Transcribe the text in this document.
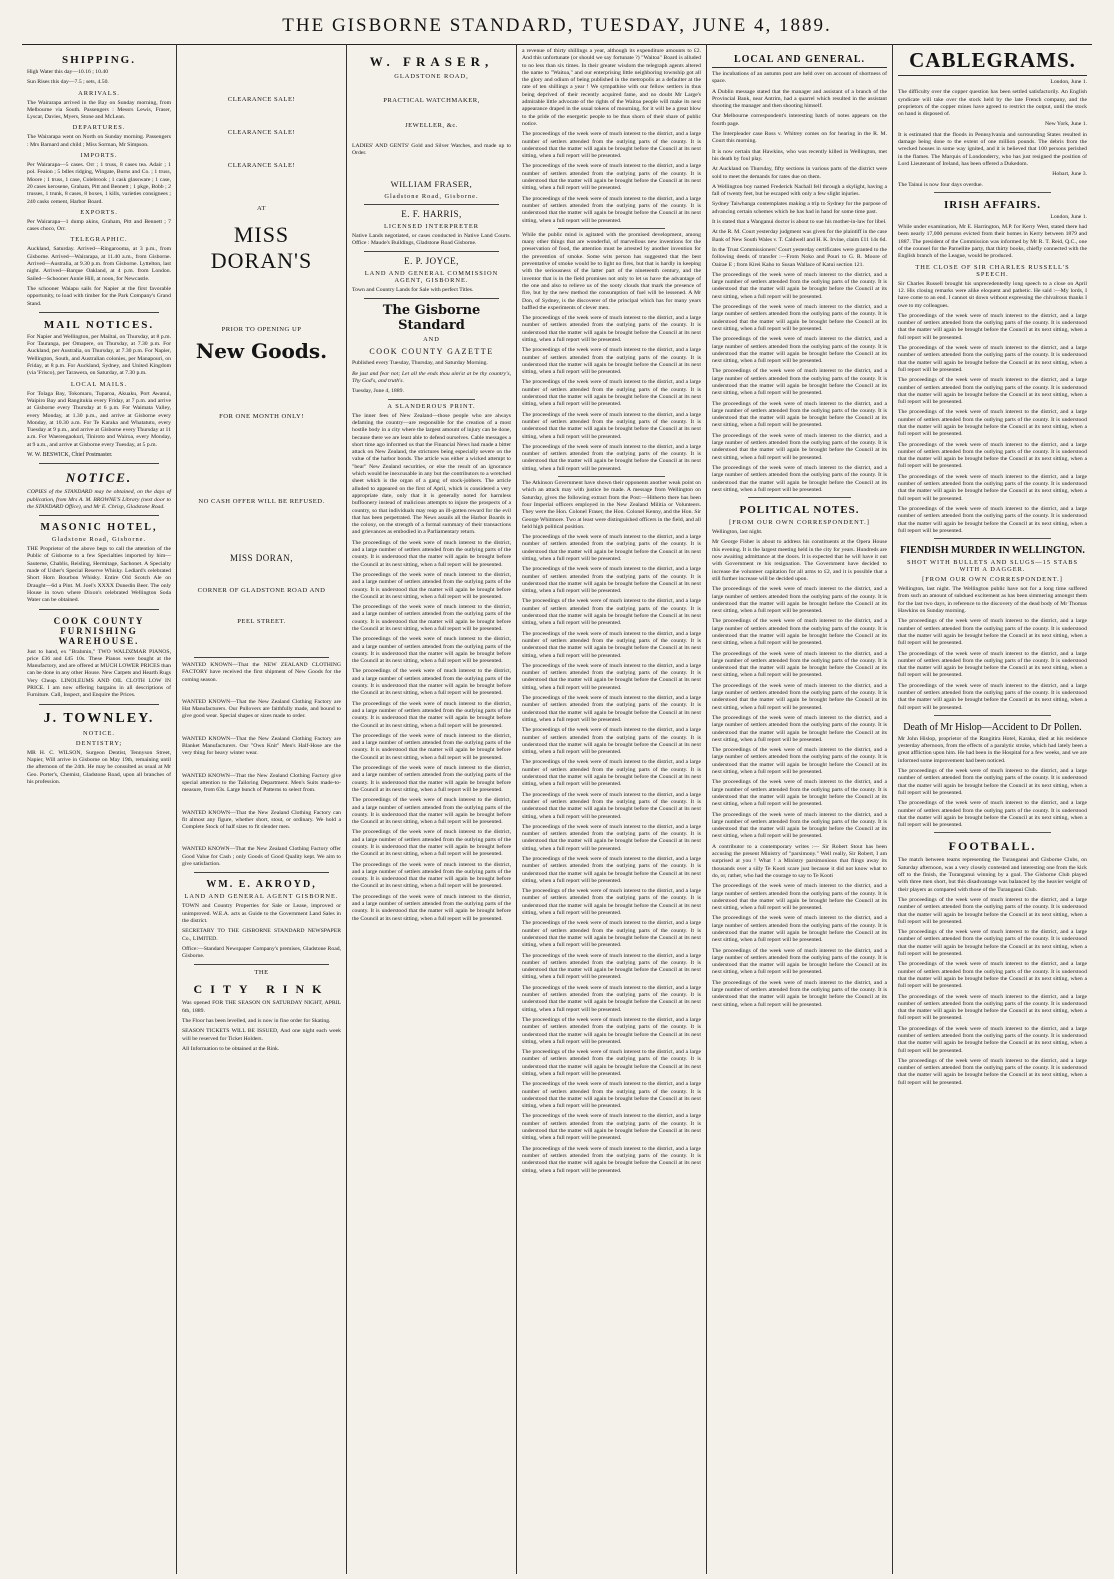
THE GISBORNE STANDARD, TUESDAY, JUNE 4, 1889.
SHIPPING.

High Water this day—10.16 ; 10.40

Sun Rises this day—7.5 ; sets, 4.50.

ARRIVALS.

The Wairarapa arrived in the Bay on Sunday morning, from Melbourne via South. Passengers : Messrs Lewis, Fraser, Lyscar, Davies, Myers, Stone and McLean.

DEPARTURES.

The Wairarapa went on North on Sunday morning. Passengers : Mrs Barnard and child ; Miss Sorman, Mr Simpson.

IMPORTS.

Per Wairarapa—5 cases. Orr ; 1 truss, 8 cases tea. Adair ; 1 pol. Feaion ; 5 bdles ridging, Wingate, Burns and Co. ; 1 truss, Moore ; 1 truss, 1 case, Colebrook ; 1 cask glassware ; 1 case, 20 cases kerosene, Graham, Pitt and Bennett ; 1 pkge, Bobb ; 2 trusses, 1 trunk, 8 cases, 8 boxes, 1 kills, varieties consignees ; 240 casks cement, Harbor Board.

EXPORTS.

Per Wairarapa—1 dump akins, Graham, Pitt and Bennett ; 7 cases choco, Orr.

TELEGRAPHIC.

Auckland, Saturday. Arrived—Ringarooma, at 3 p.m., from Gisborne. Arrived—Wairarapa, at 11.40 a.m., from Gisborne. Arrived—Australia, at 9.30 p.m. from Gisborne. Lyttelton, last night. Arrived—Barque Oakland, at 4 p.m. from London. Sailed—Schooner Annie Hill, at noon, for Newcastle.

The schooner Waiapu sails for Napier at the first favorable opportunity, to load with timber for the Park Company's Grand Stand.

MAIL NOTICES.

For Napier and Wellington, per Mailtai, on Thursday, at 8 p.m. For Tauranga, per Omapere, on Thursday, at 7.30 p.m. For Auckland, per Australia, on Thursday, at 7.30 p.m. For Napier, Wellington, South, and Australian colonies, per Manapouri, on Friday, at 8 p.m. For Auckland, Sydney, and United Kingdom (via 'Frisco), per Tarawera, on Saturday, at 7.30 p.m.

LOCAL MAILS.

For Tolaga Bay, Tokomaru, Tuparoa, Akuaku, Port Awanui, Waipiro Bay and Rangitukia every Friday, at 7 p.m. and arrive at Gisborne every Thursday at 6 p.m. For Waimata Valley, every Monday, at 1.30 p.m., and arrive at Gisborne every Monday, at 10.30 a.m. For Te Karaka and Whatatutu, every Tuesday at 9 p.m., and arrive at Gisborne every Thursday at 11 a.m. For Waerengaokuri, Tiniroto and Wairoa, every Monday, at 9 a.m., and arrive at Gisborne every Tuesday, at 5 p.m.

W. W. BESWICK, Chief Postmaster.

NOTICE.

COPIES of the STANDARD may be obtained, on the days of publication, from Mrs A. M. BROWNE'S Library (next door to the STANDARD Office), and Mr E. Chrisp, Gladstone Road.

MASONIC HOTEL,
Gladstone Road, Gisborne.

THE Proprietor of the above begs to call the attention of the Public of Gisborne to a few Specialties imported by him— Sauterne, Chablis, Reisling, Hermitage, Sachonet. A Specialty made of Usher's Special Reserve Whisky. Lediard's celebrated Short Horn Bourbon Whisky. Entire Old Scotch Ale on Draught—6d a Pint. M. Joel's XXXX Dunedin Beer. The only House in town where Dixon's celebrated Wellington Soda Water can be obtained.

COOK COUNTY FURNISHING WAREHOUSE.

Just to hand, ex "Brahmin," TWO WALDZMAR PIANOS, price £36 and £45 10s. These Pianos were bought at the Manufactory, and are offered at MUCH LOWER PRICES than can be done in any other House. New Carpets and Hearth Rugs Very Cheap. LINOLEUMS AND OIL CLOTH LOW IN PRICE. I am now offering bargains in all descriptions of Furniture. Call, Inspect, and Enquire the Prices.

J. TOWNLEY.
NOTICE.
DENTISTRY;

MR H. C. WILSON, Surgeon Dentist, Tennyson Street, Napier, Will arrive in Gisborne on May 19th, remaining until the afternoon of the 24th. He may be consulted as usual at Mr Geo. Porter's, Chemist, Gladstone Road, upon all branches of his profession.

CLEARANCE SALE!
CLEARANCE SALE!
CLEARANCE SALE!
AT
MISS DORAN'S
PRIOR TO OPENING UP
New Goods.
FOR ONE MONTH ONLY!
NO CASH OFFER WILL BE REFUSED.
MISS DORAN,
CORNER OF GLADSTONE ROAD AND
PEEL STREET.

WANTED KNOWN—That the NEW ZEALAND CLOTHING FACTORY have received the first shipment of New Goods for the coming season.

WANTED KNOWN—That the New Zealand Clothing Factory are Hat Manufacturers. Our Pullovers are faithfully made, and bound to give good wear. Special shapes or sizes made to order.

WANTED KNOWN—That the New Zealand Clothing Factory are Blanket Manufacturers. Our "Own Knit" Men's Half-Hose are the very thing for heavy winter wear.

WANTED KNOWN—That the New Zealand Clothing Factory give special attention to the Tailoring Department. Men's Suits made-to-measure, from 63s. Large bunch of Patterns to select from.

WANTED KNOWN—That the New Zealand Clothing Factory can fit almost any figure, whether short, stout, or ordinary. We hold a Complete Stock of half sizes to fit slender men.

WANTED KNOWN—That the New Zealand Clothing Factory offer Good Value for Cash ; only Goods of Good Quality kept. We aim to give satisfaction.

WM. E. AKROYD,
LAND AND GENERAL AGENT GISBORNE.

TOWN and Country Properties for Sale or Lease, improved or unimproved. W.E.A. acts as Guide to the Government Land Sales in the district.

SECRETARY TO THE GISBORNE STANDARD NEWSPAPER Co., LIMITED.

Office:—Standard Newspaper Company's premises, Gladstone Road, Gisborne.

THE
CITY RINK

Was opened FOR THE SEASON ON SATURDAY NIGHT, APRIL 6th, 1889.

The Floor has been levelled, and is now in fine order for Skating.

SEASON TICKETS WILL BE ISSUED, And one night each week will be reserved for Ticket Holders.

All Information to be obtained at the Rink.

W. FRASER,
GLADSTONE ROAD,
PRACTICAL WATCHMAKER,
JEWELLER, &c.

LADIES' AND GENTS' Gold and Silver Watches, and made up to Order.

WILLIAM FRASER,
Gladstone Road, Gisborne.
E. F. HARRIS,
LICENSED INTERPRETER

Native Lands negotiated, or cases conducted in Native Land Courts. Office : Maude's Buildings, Gladstone Road Gisborne.

E. P. JOYCE,
LAND AND GENERAL COMMISSION AGENT, GISBORNE.

Town and Country Lands for Sale with perfect Titles.

The Gisborne Standard
AND
COOK COUNTY GAZETTE

Published every Tuesday, Thursday, and Saturday Morning.

Be just and fear not; Let all the ends thou aim'st at be thy country's, Thy God's, and truth's.

Tuesday, June 4, 1889.

A SLANDEROUS PRINT.

The inner fees of New Zealand—those people who are always defaming the country—are responsible for the creation of a most hostile body in a city where the largest amount of injury can be done, because there we are least able to defend ourselves. Cable messages a short time ago informed us that the Financial News had made a bitter attack on New Zealand, the strictures being especially severe on the value of the harbor bonds. The article was either a wicked attempt to "bear" New Zealand securities, or else the result of an ignorance which would be inexcusable in any but the contributors to a wretched sheet which is the organ of a gang of stock-jobbers. The article alluded to appeared on the first of April, which is considered a very appropriate date, only that it is generally noted for harmless buffoonery instead of malicious attempts to injure the prospects of a country, so that individuals may reap an ill-gotten reward for the evil that has been perpetrated. The News assails all the Harbor Boards in the colony, on the strength of a formal summary of their transactions and grievances as embodied in a Parliamentary return.

The proceedings of the week were of much interest to the district, and a large number of settlers attended from the outlying parts of the county. It is understood that the matter will again be brought before the Council at its next sitting, when a full report will be presented.

The proceedings of the week were of much interest to the district, and a large number of settlers attended from the outlying parts of the county. It is understood that the matter will again be brought before the Council at its next sitting, when a full report will be presented.

The proceedings of the week were of much interest to the district, and a large number of settlers attended from the outlying parts of the county. It is understood that the matter will again be brought before the Council at its next sitting, when a full report will be presented.

The proceedings of the week were of much interest to the district, and a large number of settlers attended from the outlying parts of the county. It is understood that the matter will again be brought before the Council at its next sitting, when a full report will be presented.

The proceedings of the week were of much interest to the district, and a large number of settlers attended from the outlying parts of the county. It is understood that the matter will again be brought before the Council at its next sitting, when a full report will be presented.

The proceedings of the week were of much interest to the district, and a large number of settlers attended from the outlying parts of the county. It is understood that the matter will again be brought before the Council at its next sitting, when a full report will be presented.

The proceedings of the week were of much interest to the district, and a large number of settlers attended from the outlying parts of the county. It is understood that the matter will again be brought before the Council at its next sitting, when a full report will be presented.

The proceedings of the week were of much interest to the district, and a large number of settlers attended from the outlying parts of the county. It is understood that the matter will again be brought before the Council at its next sitting, when a full report will be presented.

The proceedings of the week were of much interest to the district, and a large number of settlers attended from the outlying parts of the county. It is understood that the matter will again be brought before the Council at its next sitting, when a full report will be presented.

The proceedings of the week were of much interest to the district, and a large number of settlers attended from the outlying parts of the county. It is understood that the matter will again be brought before the Council at its next sitting, when a full report will be presented.

The proceedings of the week were of much interest to the district, and a large number of settlers attended from the outlying parts of the county. It is understood that the matter will again be brought before the Council at its next sitting, when a full report will be presented.

The proceedings of the week were of much interest to the district, and a large number of settlers attended from the outlying parts of the county. It is understood that the matter will again be brought before the Council at its next sitting, when a full report will be presented.

a revenue of thirty shillings a year, although its expenditure amounts to £2. And this unfortunate (or should we say fortunate ?) "Waitoa" Board is alluded to no less than six times. In their greater wisdom the telegraph agents altered the name to "Waitoa," and our enterprising little neighboring township got all the glory and odium of being published in the metropolis as a defaulter at the rate of ten shillings a year ! We sympathise with our fellow settlers in thus being deprived of their recently acquired fame, and no doubt Mr Large's admirable little advocate of the rights of the Waitoa people will make its next appearance draped in the usual tokens of mourning, for it will be a great blow to the pride of the energetic people to be thus shorn of their share of public notice.

The proceedings of the week were of much interest to the district, and a large number of settlers attended from the outlying parts of the county. It is understood that the matter will again be brought before the Council at its next sitting, when a full report will be presented.

The proceedings of the week were of much interest to the district, and a large number of settlers attended from the outlying parts of the county. It is understood that the matter will again be brought before the Council at its next sitting, when a full report will be presented.

The proceedings of the week were of much interest to the district, and a large number of settlers attended from the outlying parts of the county. It is understood that the matter will again be brought before the Council at its next sitting, when a full report will be presented.

While the public mind is agitated with the promised development, among many other things that are wonderful, of marvellous new inventions for the preservation of food, the attention must be arrested by another invention for the prevention of smoke. Some wits person has suggested that the best preventative of smoke would be to light no fires, but that is hardly in keeping with the seriousness of the latter part of the nineteenth century, and the inventor that is in the field promises not only to let us have the advantage of the one and also to relieve us of the sooty clouds that mark the presence of fire, but by the new method the consumption of fuel will be lessened. A Mr Don, of Sydney, is the discoverer of the principal which has for many years baffled the experiments of clever men.

The proceedings of the week were of much interest to the district, and a large number of settlers attended from the outlying parts of the county. It is understood that the matter will again be brought before the Council at its next sitting, when a full report will be presented.

The proceedings of the week were of much interest to the district, and a large number of settlers attended from the outlying parts of the county. It is understood that the matter will again be brought before the Council at its next sitting, when a full report will be presented.

The proceedings of the week were of much interest to the district, and a large number of settlers attended from the outlying parts of the county. It is understood that the matter will again be brought before the Council at its next sitting, when a full report will be presented.

The proceedings of the week were of much interest to the district, and a large number of settlers attended from the outlying parts of the county. It is understood that the matter will again be brought before the Council at its next sitting, when a full report will be presented.

The proceedings of the week were of much interest to the district, and a large number of settlers attended from the outlying parts of the county. It is understood that the matter will again be brought before the Council at its next sitting, when a full report will be presented.

The Atkinson Government have shown their opponents another weak point on which an attack may with justice be made. A message from Wellington on Saturday, gives the following extract from the Post:—Hitherto there has been four Imperial officers employed in the New Zealand Militia or Volunteers. They were the Hon. Colonel Fraser, the Hon. Colonel Kenny, and the Hon. Sir George Whitmore. Two at least were distinguished officers in the field, and all held high political position.

The proceedings of the week were of much interest to the district, and a large number of settlers attended from the outlying parts of the county. It is understood that the matter will again be brought before the Council at its next sitting, when a full report will be presented.

The proceedings of the week were of much interest to the district, and a large number of settlers attended from the outlying parts of the county. It is understood that the matter will again be brought before the Council at its next sitting, when a full report will be presented.

The proceedings of the week were of much interest to the district, and a large number of settlers attended from the outlying parts of the county. It is understood that the matter will again be brought before the Council at its next sitting, when a full report will be presented.

The proceedings of the week were of much interest to the district, and a large number of settlers attended from the outlying parts of the county. It is understood that the matter will again be brought before the Council at its next sitting, when a full report will be presented.

The proceedings of the week were of much interest to the district, and a large number of settlers attended from the outlying parts of the county. It is understood that the matter will again be brought before the Council at its next sitting, when a full report will be presented.

The proceedings of the week were of much interest to the district, and a large number of settlers attended from the outlying parts of the county. It is understood that the matter will again be brought before the Council at its next sitting, when a full report will be presented.

The proceedings of the week were of much interest to the district, and a large number of settlers attended from the outlying parts of the county. It is understood that the matter will again be brought before the Council at its next sitting, when a full report will be presented.

The proceedings of the week were of much interest to the district, and a large number of settlers attended from the outlying parts of the county. It is understood that the matter will again be brought before the Council at its next sitting, when a full report will be presented.

The proceedings of the week were of much interest to the district, and a large number of settlers attended from the outlying parts of the county. It is understood that the matter will again be brought before the Council at its next sitting, when a full report will be presented.

The proceedings of the week were of much interest to the district, and a large number of settlers attended from the outlying parts of the county. It is understood that the matter will again be brought before the Council at its next sitting, when a full report will be presented.

The proceedings of the week were of much interest to the district, and a large number of settlers attended from the outlying parts of the county. It is understood that the matter will again be brought before the Council at its next sitting, when a full report will be presented.

The proceedings of the week were of much interest to the district, and a large number of settlers attended from the outlying parts of the county. It is understood that the matter will again be brought before the Council at its next sitting, when a full report will be presented.

The proceedings of the week were of much interest to the district, and a large number of settlers attended from the outlying parts of the county. It is understood that the matter will again be brought before the Council at its next sitting, when a full report will be presented.

The proceedings of the week were of much interest to the district, and a large number of settlers attended from the outlying parts of the county. It is understood that the matter will again be brought before the Council at its next sitting, when a full report will be presented.

The proceedings of the week were of much interest to the district, and a large number of settlers attended from the outlying parts of the county. It is understood that the matter will again be brought before the Council at its next sitting, when a full report will be presented.

The proceedings of the week were of much interest to the district, and a large number of settlers attended from the outlying parts of the county. It is understood that the matter will again be brought before the Council at its next sitting, when a full report will be presented.

The proceedings of the week were of much interest to the district, and a large number of settlers attended from the outlying parts of the county. It is understood that the matter will again be brought before the Council at its next sitting, when a full report will be presented.

The proceedings of the week were of much interest to the district, and a large number of settlers attended from the outlying parts of the county. It is understood that the matter will again be brought before the Council at its next sitting, when a full report will be presented.

The proceedings of the week were of much interest to the district, and a large number of settlers attended from the outlying parts of the county. It is understood that the matter will again be brought before the Council at its next sitting, when a full report will be presented.

The proceedings of the week were of much interest to the district, and a large number of settlers attended from the outlying parts of the county. It is understood that the matter will again be brought before the Council at its next sitting, when a full report will be presented.

LOCAL AND GENERAL.

The incubations of an autumn post are held over on account of shortness of space.

A Dublin message stated that the manager and assistant of a branch of the Provincial Bank, near Antrim, had a quarrel which resulted in the assistant shooting the manager and then shooting himself.

Our Melbourne correspondent's interesting batch of notes appears on the fourth page.

The Interpleader case Ross v. Whitrey comes on for hearing in the R. M. Court this morning.

It is now certain that Hawkins, who was recently killed in Wellington, met his death by foul play.

At Auckland on Thursday, fifty sections in various parts of the district were sold to meet the demands for rates due on them.

A Wellington boy named Frederick Nachall fell through a skylight, having a fall of twenty feet, but he escaped with only a few slight injuries.

Sydney Taiwhanga contemplates making a trip to Sydney for the purpose of advancing certain schemes which he has had in hand for some time past.

It is stated that a Wanganui doctor is about to sue his mother-in-law for libel.

At the R. M. Court yesterday judgment was given for the plaintiff in the case Bank of New South Wales v. T. Caldwell and H. K. Irvine, claim £11 14s 6d.

In the Trust Commissioners' Court yesterday certificates were granted to the following deeds of transfer :—From Noko and Pouri to G. R. Moore of Oairae E ; from Kirei Kaho to Susan Wallace of Katui section 121.

The proceedings of the week were of much interest to the district, and a large number of settlers attended from the outlying parts of the county. It is understood that the matter will again be brought before the Council at its next sitting, when a full report will be presented.

The proceedings of the week were of much interest to the district, and a large number of settlers attended from the outlying parts of the county. It is understood that the matter will again be brought before the Council at its next sitting, when a full report will be presented.

The proceedings of the week were of much interest to the district, and a large number of settlers attended from the outlying parts of the county. It is understood that the matter will again be brought before the Council at its next sitting, when a full report will be presented.

The proceedings of the week were of much interest to the district, and a large number of settlers attended from the outlying parts of the county. It is understood that the matter will again be brought before the Council at its next sitting, when a full report will be presented.

The proceedings of the week were of much interest to the district, and a large number of settlers attended from the outlying parts of the county. It is understood that the matter will again be brought before the Council at its next sitting, when a full report will be presented.

The proceedings of the week were of much interest to the district, and a large number of settlers attended from the outlying parts of the county. It is understood that the matter will again be brought before the Council at its next sitting, when a full report will be presented.

The proceedings of the week were of much interest to the district, and a large number of settlers attended from the outlying parts of the county. It is understood that the matter will again be brought before the Council at its next sitting, when a full report will be presented.

POLITICAL NOTES.
[FROM OUR OWN CORRESPONDENT.]

Wellington, last night.

Mr George Fisher is about to address his constituents at the Opera House this evening. It is the largest meeting held in the city for years. Hundreds are now awaiting admittance at the doors. It is expected that he will have it out with Government re his resignation. The Government have decided to increase the volunteer capitation for all arms to £2, and it is possible that a still further increase will be decided upon.

The proceedings of the week were of much interest to the district, and a large number of settlers attended from the outlying parts of the county. It is understood that the matter will again be brought before the Council at its next sitting, when a full report will be presented.

The proceedings of the week were of much interest to the district, and a large number of settlers attended from the outlying parts of the county. It is understood that the matter will again be brought before the Council at its next sitting, when a full report will be presented.

The proceedings of the week were of much interest to the district, and a large number of settlers attended from the outlying parts of the county. It is understood that the matter will again be brought before the Council at its next sitting, when a full report will be presented.

The proceedings of the week were of much interest to the district, and a large number of settlers attended from the outlying parts of the county. It is understood that the matter will again be brought before the Council at its next sitting, when a full report will be presented.

The proceedings of the week were of much interest to the district, and a large number of settlers attended from the outlying parts of the county. It is understood that the matter will again be brought before the Council at its next sitting, when a full report will be presented.

The proceedings of the week were of much interest to the district, and a large number of settlers attended from the outlying parts of the county. It is understood that the matter will again be brought before the Council at its next sitting, when a full report will be presented.

The proceedings of the week were of much interest to the district, and a large number of settlers attended from the outlying parts of the county. It is understood that the matter will again be brought before the Council at its next sitting, when a full report will be presented.

The proceedings of the week were of much interest to the district, and a large number of settlers attended from the outlying parts of the county. It is understood that the matter will again be brought before the Council at its next sitting, when a full report will be presented.

A contributor to a contemporary writes :— Sir Robert Stout has been accusing the present Ministry of "parsimony." Well really, Sir Robert, I am surprised at you ! What ! a Ministry parsimonious that flings away its thousands over a silly Te Kooti scare just because it did not know what to do, or, rather, who had the courage to say to Te Kooti

The proceedings of the week were of much interest to the district, and a large number of settlers attended from the outlying parts of the county. It is understood that the matter will again be brought before the Council at its next sitting, when a full report will be presented.

The proceedings of the week were of much interest to the district, and a large number of settlers attended from the outlying parts of the county. It is understood that the matter will again be brought before the Council at its next sitting, when a full report will be presented.

The proceedings of the week were of much interest to the district, and a large number of settlers attended from the outlying parts of the county. It is understood that the matter will again be brought before the Council at its next sitting, when a full report will be presented.

The proceedings of the week were of much interest to the district, and a large number of settlers attended from the outlying parts of the county. It is understood that the matter will again be brought before the Council at its next sitting, when a full report will be presented.

CABLEGRAMS.

London, June 1.

The difficulty over the copper question has been settled satisfactorily. An English syndicate will take over the stock held by the late French company, and the proprietors of the copper mines have agreed to restrict the output, until the stock on hand is disposed of.

New York, June 1.

It is estimated that the floods in Pennsylvania and surrounding States resulted in damage being done to the extent of one million pounds. The debris from the wrecked houses in some way ignited, and it is believed that 100 persons perished in the flames. The Marquis of Londonderry, who has just resigned the position of Lord Lieutenant of Ireland, has been offered a Dukedom.

Hobart, June 3.

The Tainui is now four days overdue.

IRISH AFFAIRS.

London, June 1.

While under examination, Mr E. Harrington, M.P. for Kerry West, stated there had been nearly 17,000 persons evicted from their homes in Kerry between 1879 and 1887. The president of the Commission was informed by Mr R. T. Reid, Q.C., one of the counsel for the Parnellite party, that thirty books, chiefly connected with the English branch of the League, would be produced.

THE CLOSE OF SIR CHARLES RUSSELL'S SPEECH.

Sir Charles Russell brought his unprecedentedly long speech to a close on April 12. His closing remarks were alike eloquent and pathetic. He said :—My lords, I have come to an end. I cannot sit down without expressing the chivalrous thanks I owe to my colleagues.

The proceedings of the week were of much interest to the district, and a large number of settlers attended from the outlying parts of the county. It is understood that the matter will again be brought before the Council at its next sitting, when a full report will be presented.

The proceedings of the week were of much interest to the district, and a large number of settlers attended from the outlying parts of the county. It is understood that the matter will again be brought before the Council at its next sitting, when a full report will be presented.

The proceedings of the week were of much interest to the district, and a large number of settlers attended from the outlying parts of the county. It is understood that the matter will again be brought before the Council at its next sitting, when a full report will be presented.

The proceedings of the week were of much interest to the district, and a large number of settlers attended from the outlying parts of the county. It is understood that the matter will again be brought before the Council at its next sitting, when a full report will be presented.

The proceedings of the week were of much interest to the district, and a large number of settlers attended from the outlying parts of the county. It is understood that the matter will again be brought before the Council at its next sitting, when a full report will be presented.

The proceedings of the week were of much interest to the district, and a large number of settlers attended from the outlying parts of the county. It is understood that the matter will again be brought before the Council at its next sitting, when a full report will be presented.

The proceedings of the week were of much interest to the district, and a large number of settlers attended from the outlying parts of the county. It is understood that the matter will again be brought before the Council at its next sitting, when a full report will be presented.

FIENDISH MURDER IN WELLINGTON.
SHOT WITH BULLETS AND SLUGS—15 STABS WITH A DAGGER.
[FROM OUR OWN CORRESPONDENT.]

Wellington, last night. The Wellington public have not for a long time suffered from such an amount of subdued excitement as has been simmering amongst them for the last two days, in reference to the discovery of the dead body of Mr Thomas Hawkins on Sunday morning.

The proceedings of the week were of much interest to the district, and a large number of settlers attended from the outlying parts of the county. It is understood that the matter will again be brought before the Council at its next sitting, when a full report will be presented.

The proceedings of the week were of much interest to the district, and a large number of settlers attended from the outlying parts of the county. It is understood that the matter will again be brought before the Council at its next sitting, when a full report will be presented.

The proceedings of the week were of much interest to the district, and a large number of settlers attended from the outlying parts of the county. It is understood that the matter will again be brought before the Council at its next sitting, when a full report will be presented.

Death of Mr Hislop—Accident to Dr Pollen.

Mr John Hislop, proprietor of the Rangitira Hotel, Karaka, died at his residence yesterday afternoon, from the effects of a paralytic stroke, which had lately been a great affliction upon him. He had been in the Hospital for a few weeks, and we are informed some improvement had been noticed.

The proceedings of the week were of much interest to the district, and a large number of settlers attended from the outlying parts of the county. It is understood that the matter will again be brought before the Council at its next sitting, when a full report will be presented.

The proceedings of the week were of much interest to the district, and a large number of settlers attended from the outlying parts of the county. It is understood that the matter will again be brought before the Council at its next sitting, when a full report will be presented.

FOOTBALL.

The match between teams representing the Turanganui and Gisborne Clubs, on Saturday afternoon, was a very closely contested and interesting one from the kick off to the finish, the Turanganui winning by a goal. The Gisborne Club played with three men short, but this disadvantage was balanced by the heavier weight of their players as compared with those of the Turanganui Club.

The proceedings of the week were of much interest to the district, and a large number of settlers attended from the outlying parts of the county. It is understood that the matter will again be brought before the Council at its next sitting, when a full report will be presented.

The proceedings of the week were of much interest to the district, and a large number of settlers attended from the outlying parts of the county. It is understood that the matter will again be brought before the Council at its next sitting, when a full report will be presented.

The proceedings of the week were of much interest to the district, and a large number of settlers attended from the outlying parts of the county. It is understood that the matter will again be brought before the Council at its next sitting, when a full report will be presented.

The proceedings of the week were of much interest to the district, and a large number of settlers attended from the outlying parts of the county. It is understood that the matter will again be brought before the Council at its next sitting, when a full report will be presented.

The proceedings of the week were of much interest to the district, and a large number of settlers attended from the outlying parts of the county. It is understood that the matter will again be brought before the Council at its next sitting, when a full report will be presented.

The proceedings of the week were of much interest to the district, and a large number of settlers attended from the outlying parts of the county. It is understood that the matter will again be brought before the Council at its next sitting, when a full report will be presented.
